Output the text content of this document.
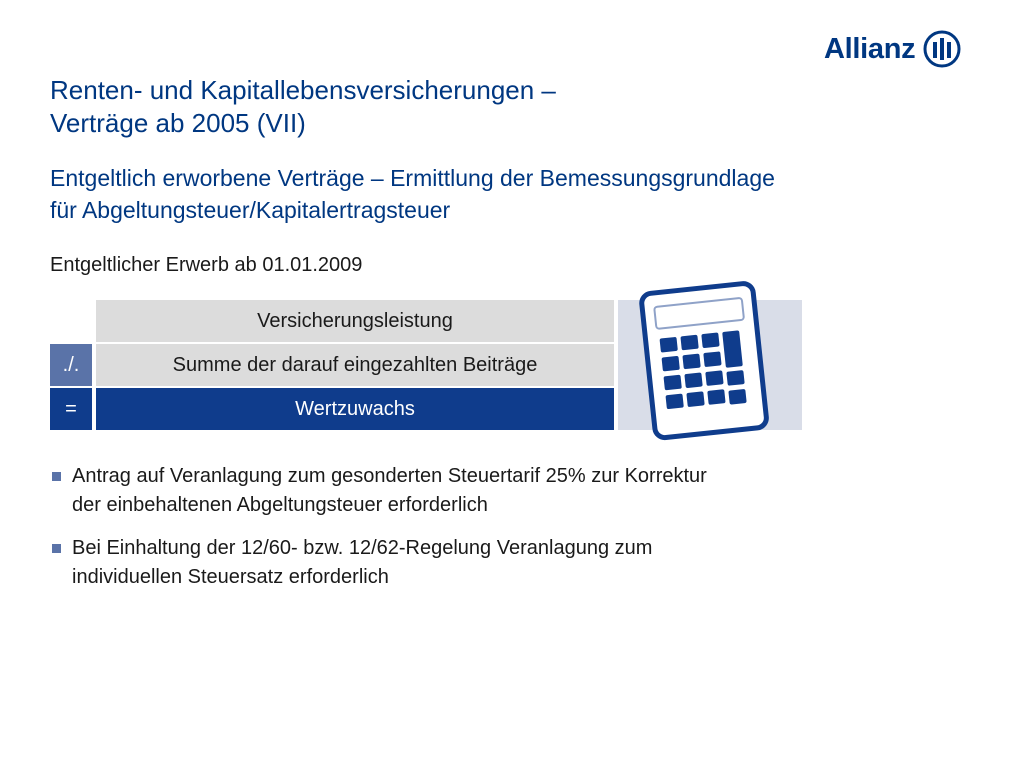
Allianz
Renten- und Kapitallebensversicherungen –
Verträge ab 2005 (VII)
Entgeltlich erworbene Verträge – Ermittlung der Bemessungsgrundlage
für Abgeltungsteuer/Kapitalertragsteuer
Entgeltlicher Erwerb ab 01.01.2009
Versicherungsleistung
./.	Summe der darauf eingezahlten Beiträge
=	Wertzuwachs
Antrag auf Veranlagung zum gesonderten Steuertarif 25% zur Korrektur
der einbehaltenen Abgeltungsteuer erforderlich
Bei Einhaltung der 12/60- bzw. 12/62-Regelung Veranlagung zum
individuellen Steuersatz erforderlich
